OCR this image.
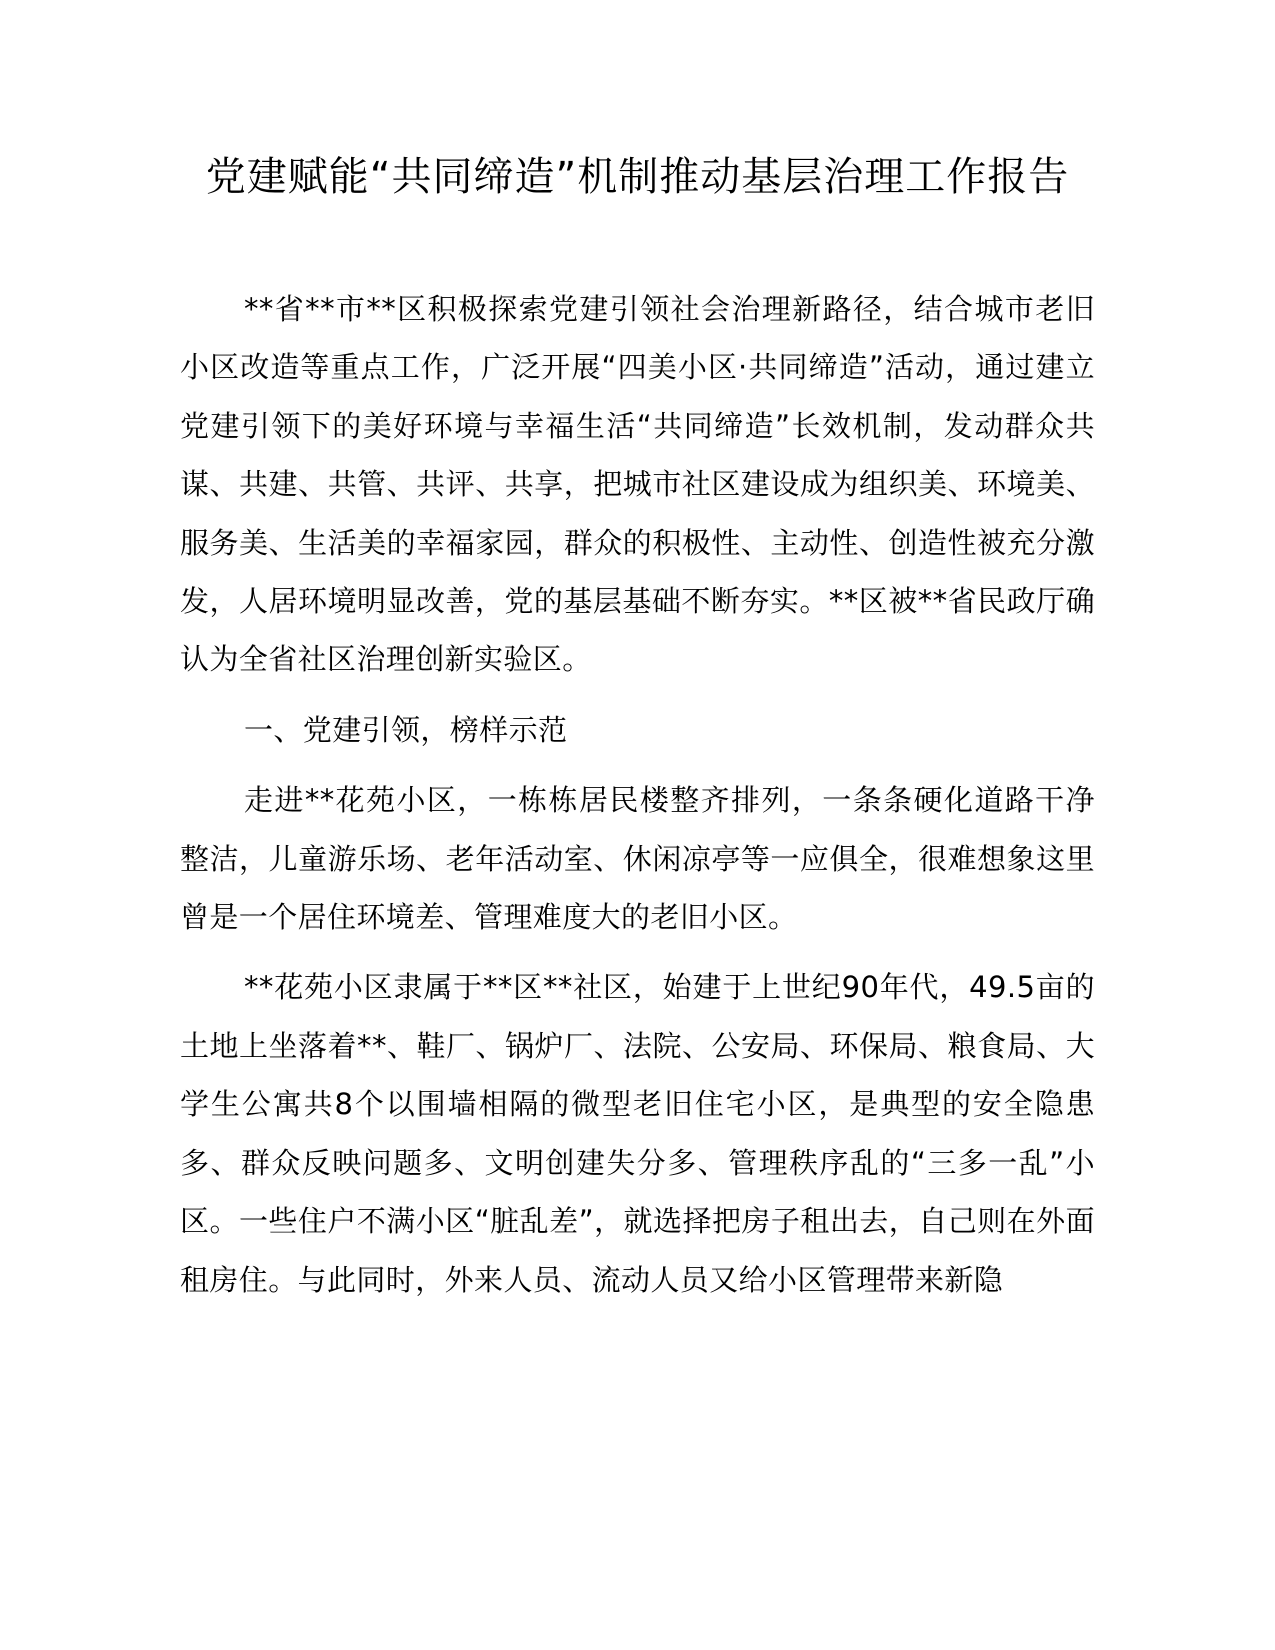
党建赋能“共同缔造”机制推动基层治理工作报告

**省**市**区积极探索党建引领社会治理新路径，结合城市老旧小区改造等重点工作，广泛开展“四美小区·共同缔造”活动，通过建立党建引领下的美好环境与幸福生活“共同缔造”长效机制，发动群众共谋、共建、共管、共评、共享，把城市社区建设成为组织美、环境美、服务美、生活美的幸福家园，群众的积极性、主动性、创造性被充分激发，人居环境明显改善，党的基层基础不断夯实。**区被**省民政厅确认为全省社区治理创新实验区。

一、党建引领，榜样示范

走进**花苑小区，一栋栋居民楼整齐排列，一条条硬化道路干净整洁，儿童游乐场、老年活动室、休闲凉亭等一应俱全，很难想象这里曾是一个居住环境差、管理难度大的老旧小区。

**花苑小区隶属于**区**社区，始建于上世纪90年代，49.5亩的土地上坐落着**、鞋厂、锅炉厂、法院、公安局、环保局、粮食局、大学生公寓共8个以围墙相隔的微型老旧住宅小区，是典型的安全隐患多、群众反映问题多、文明创建失分多、管理秩序乱的“三多一乱”小区。一些住户不满小区“脏乱差”，就选择把房子租出去，自己则在外面租房住。与此同时，外来人员、流动人员又给小区管理带来新隐
